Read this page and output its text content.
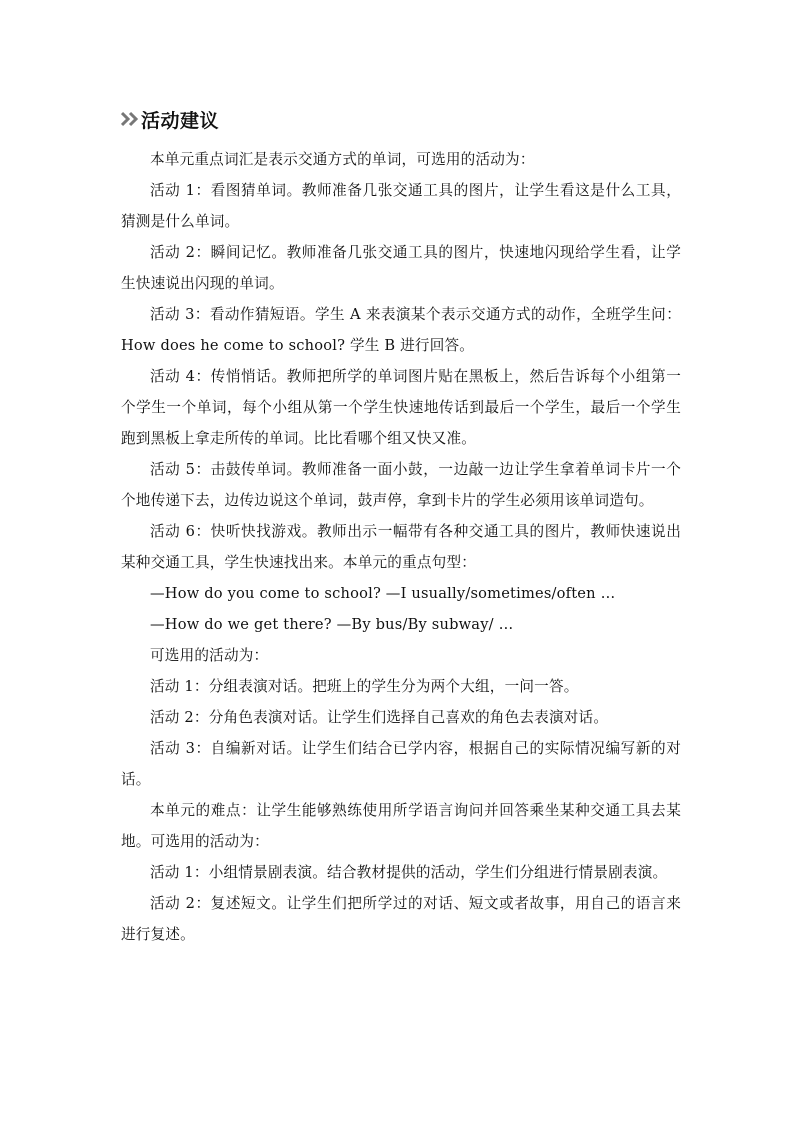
活动建议

本单元重点词汇是表示交通方式的单词，可选用的活动为：

活动 1：看图猜单词。教师准备几张交通工具的图片，让学生看这是什么工具，猜测是什么单词。

活动 2：瞬间记忆。教师准备几张交通工具的图片，快速地闪现给学生看，让学生快速说出闪现的单词。

活动 3：看动作猜短语。学生 A 来表演某个表示交通方式的动作，全班学生问：How does he come to school? 学生 B 进行回答。

活动 4：传悄悄话。教师把所学的单词图片贴在黑板上，然后告诉每个小组第一个学生一个单词，每个小组从第一个学生快速地传话到最后一个学生，最后一个学生跑到黑板上拿走所传的单词。比比看哪个组又快又准。

活动 5：击鼓传单词。教师准备一面小鼓，一边敲一边让学生拿着单词卡片一个个地传递下去，边传边说这个单词，鼓声停，拿到卡片的学生必须用该单词造句。

活动 6：快听快找游戏。教师出示一幅带有各种交通工具的图片，教师快速说出某种交通工具，学生快速找出来。本单元的重点句型：

—How do you come to school? —I usually/sometimes/often …

—How do we get there? —By bus/By subway/ …

可选用的活动为：

活动 1：分组表演对话。把班上的学生分为两个大组，一问一答。

活动 2：分角色表演对话。让学生们选择自己喜欢的角色去表演对话。

活动 3：自编新对话。让学生们结合已学内容，根据自己的实际情况编写新的对话。

本单元的难点：让学生能够熟练使用所学语言询问并回答乘坐某种交通工具去某地。可选用的活动为：

活动 1：小组情景剧表演。结合教材提供的活动，学生们分组进行情景剧表演。

活动 2：复述短文。让学生们把所学过的对话、短文或者故事，用自己的语言来进行复述。
